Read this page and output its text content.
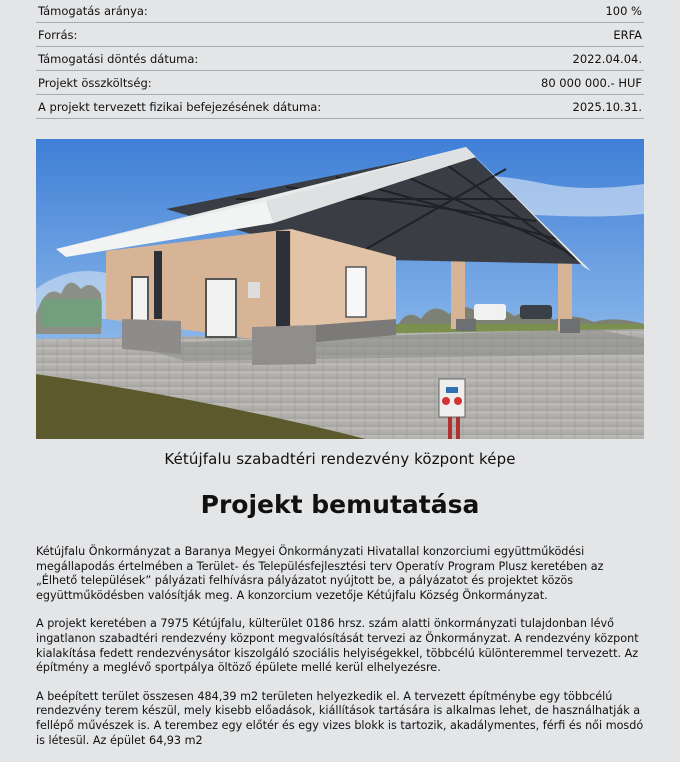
Támogatás aránya:	100 %
Forrás:	ERFA
Támogatási döntés dátuma:	2022.04.04.
Projekt összköltség:	80 000 000.- HUF
A projekt tervezett fizikai befejezésének dátuma:	2025.10.31.
Kétújfalu szabadtéri rendezvény központ képe
Projekt bemutatása

Kétújfalu Önkormányzat a Baranya Megyei Önkormányzati Hivatallal konzorciumi együttműködési megállapodás értelmében a Terület- és Településfejlesztési terv Operatív Program Plusz keretében az „Élhető települések” pályázati felhívásra pályázatot nyújtott be, a pályázatot és projektet közös együttműködésben valósítják meg. A konzorcium vezetője Kétújfalu Község Önkormányzat.

A projekt keretében a 7975 Kétújfalu, külterület 0186 hrsz. szám alatti önkormányzati tulajdonban lévő ingatlanon szabadtéri rendezvény központ megvalósítását tervezi az Önkormányzat. A rendezvény központ kialakítása fedett rendezvénysátor kiszolgáló szociális helyiségekkel, többcélú különteremmel tervezett. Az építmény a meglévő sportpálya öltöző épülete mellé kerül elhelyezésre.

A beépített terület összesen 484,39 m2 területen helyezkedik el. A tervezett építménybe egy többcélú rendezvény terem készül, mely kisebb előadások, kiállítások tartására is alkalmas lehet, de használhatják a fellépő művészek is. A terembez egy előtér és egy vizes blokk is tartozik, akadálymentes, férfi és női mosdó is létesül. Az épület 64,93 m2
